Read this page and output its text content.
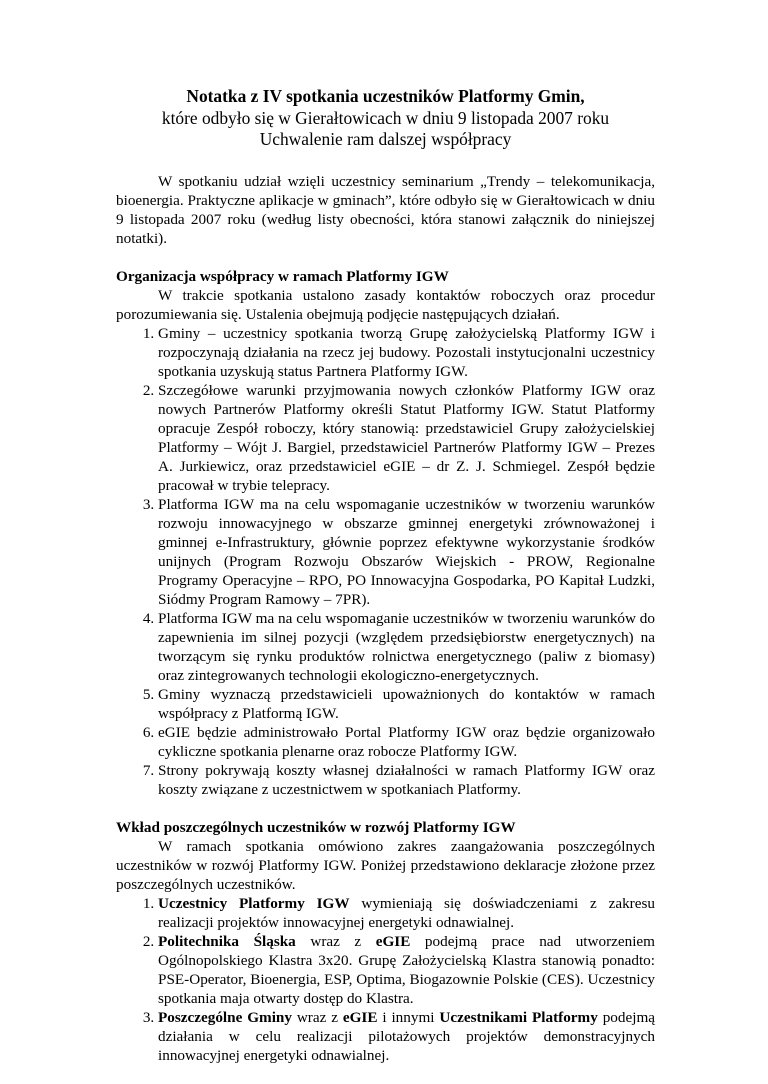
Notatka z IV spotkania uczestników Platformy Gmin,
które odbyło się w Gierałtowicach w dniu 9 listopada 2007 roku
Uchwalenie ram dalszej współpracy

W spotkaniu udział wzięli uczestnicy seminarium „Trendy – telekomunikacja, bioenergia. Praktyczne aplikacje w gminach”, które odbyło się w Gierałtowicach w dniu 9 listopada 2007 roku (według listy obecności, która stanowi załącznik do niniejszej notatki).

Organizacja współpracy w ramach Platformy IGW

W trakcie spotkania ustalono zasady kontaktów roboczych oraz procedur porozumiewania się. Ustalenia obejmują podjęcie następujących działań.

1. Gminy – uczestnicy spotkania tworzą Grupę założycielską Platformy IGW i rozpoczynają działania na rzecz jej budowy. Pozostali instytucjonalni uczestnicy spotkania uzyskują status Partnera Platformy IGW.
2. Szczegółowe warunki przyjmowania nowych członków Platformy IGW oraz nowych Partnerów Platformy określi Statut Platformy IGW. Statut Platformy opracuje Zespół roboczy, który stanowią: przedstawiciel Grupy założycielskiej Platformy – Wójt J. Bargiel, przedstawiciel Partnerów Platformy IGW – Prezes A. Jurkiewicz, oraz przedstawiciel eGIE – dr Z. J. Schmiegel. Zespół będzie pracował w trybie telepracy.
3. Platforma IGW ma na celu wspomaganie uczestników w tworzeniu warunków rozwoju innowacyjnego w obszarze gminnej energetyki zrównoważonej i gminnej e-Infrastruktury, głównie poprzez efektywne wykorzystanie środków unijnych (Program Rozwoju Obszarów Wiejskich - PROW, Regionalne Programy Operacyjne – RPO, PO Innowacyjna Gospodarka, PO Kapitał Ludzki, Siódmy Program Ramowy – 7PR).
4. Platforma IGW ma na celu wspomaganie uczestników w tworzeniu warunków do zapewnienia im silnej pozycji (względem przedsiębiorstw energetycznych) na tworzącym się rynku produktów rolnictwa energetycznego (paliw z biomasy) oraz zintegrowanych technologii ekologiczno-energetycznych.
5. Gminy wyznaczą przedstawicieli upoważnionych do kontaktów w ramach współpracy z Platformą IGW.
6. eGIE będzie administrowało Portal Platformy IGW oraz będzie organizowało cykliczne spotkania plenarne oraz robocze Platformy IGW.
7. Strony pokrywają koszty własnej działalności w ramach Platformy IGW oraz koszty związane z uczestnictwem w spotkaniach Platformy.

Wkład poszczególnych uczestników w rozwój Platformy IGW

W ramach spotkania omówiono zakres zaangażowania poszczególnych uczestników w rozwój Platformy IGW. Poniżej przedstawiono deklaracje złożone przez poszczególnych uczestników.

1. Uczestnicy Platformy IGW wymieniają się doświadczeniami z zakresu realizacji projektów innowacyjnej energetyki odnawialnej.
2. Politechnika Śląska wraz z eGIE podejmą prace nad utworzeniem Ogólnopolskiego Klastra 3x20. Grupę Założycielską Klastra stanowią ponadto: PSE-Operator, Bioenergia, ESP, Optima, Biogazownie Polskie (CES). Uczestnicy spotkania maja otwarty dostęp do Klastra.
3. Poszczególne Gminy wraz z eGIE i innymi Uczestnikami Platformy podejmą działania w celu realizacji pilotażowych projektów demonstracyjnych innowacyjnej energetyki odnawialnej.
